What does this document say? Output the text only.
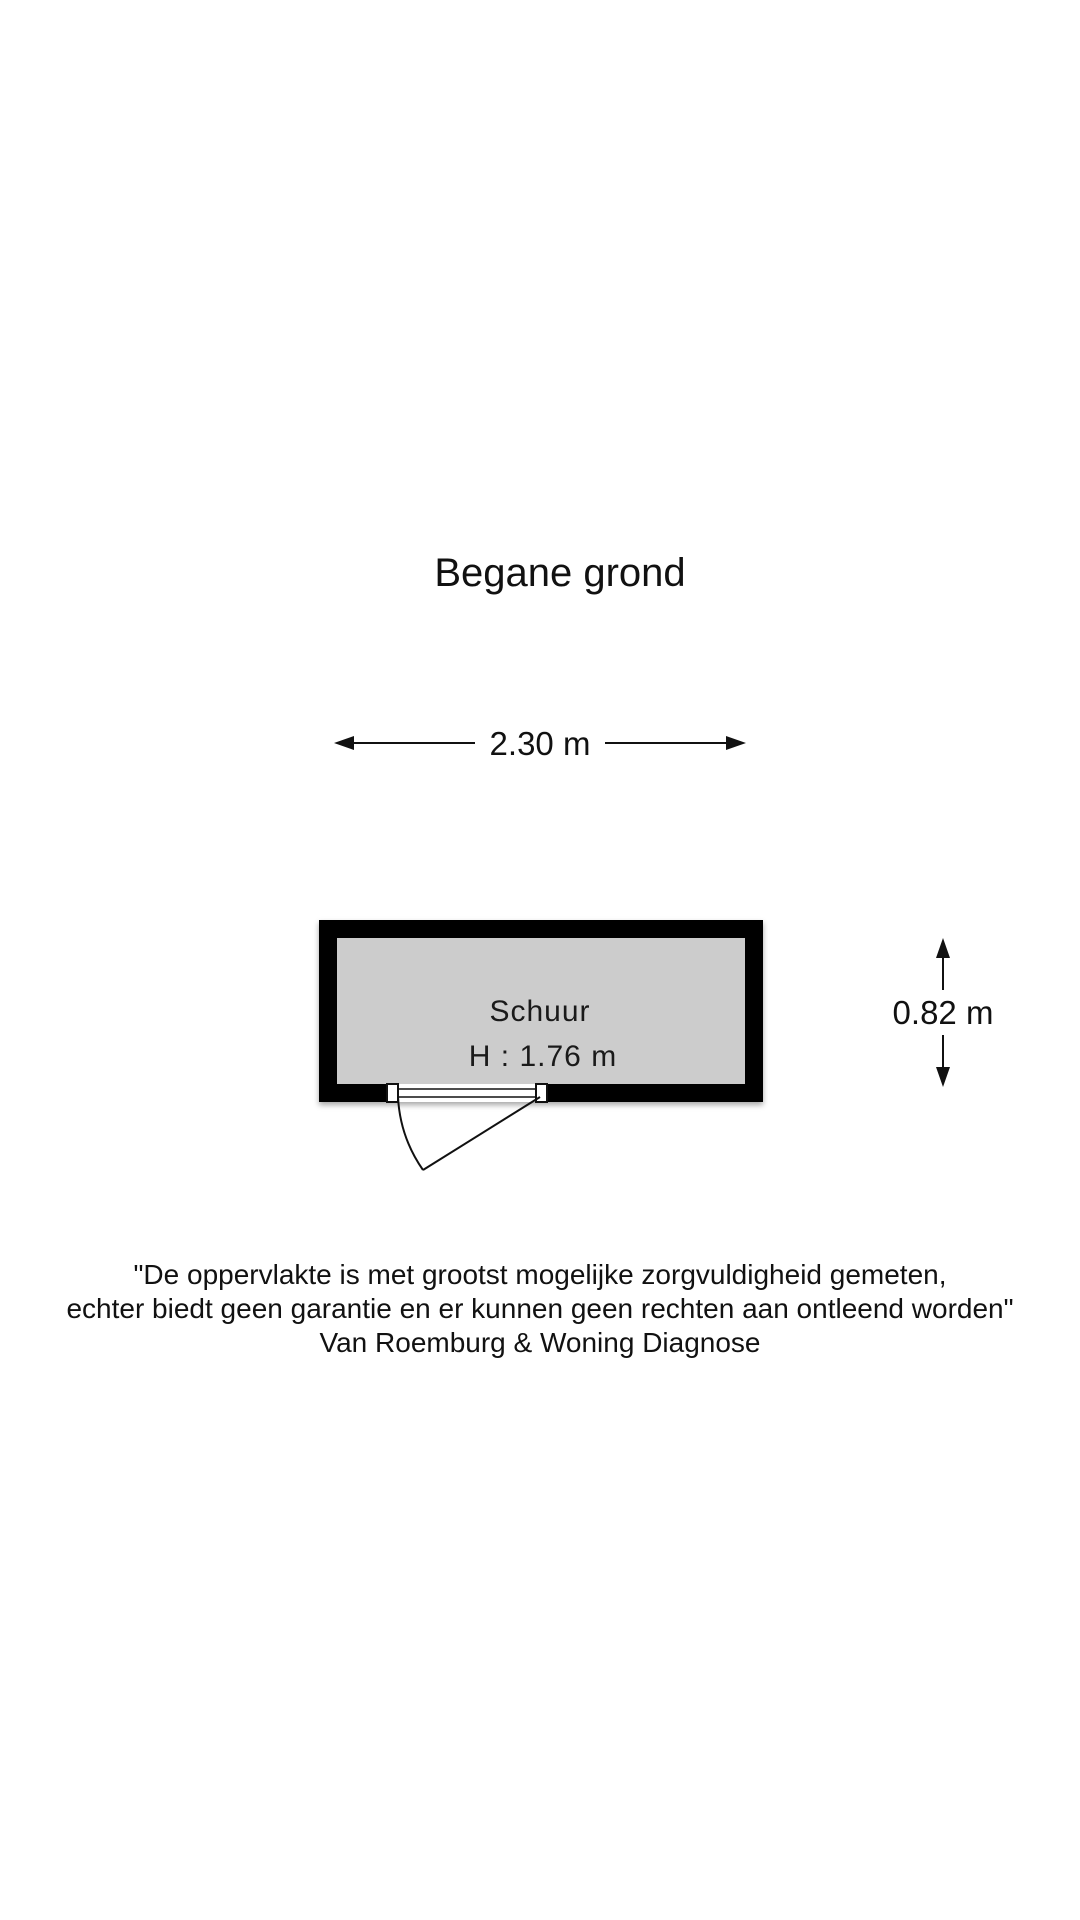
Begane grond
2.30 m
0.82 m
Schuur
H : 1.76 m
"De oppervlakte is met grootst mogelijke zorgvuldigheid gemeten,
echter biedt geen garantie en er kunnen geen rechten aan ontleend worden"
Van Roemburg & Woning Diagnose
